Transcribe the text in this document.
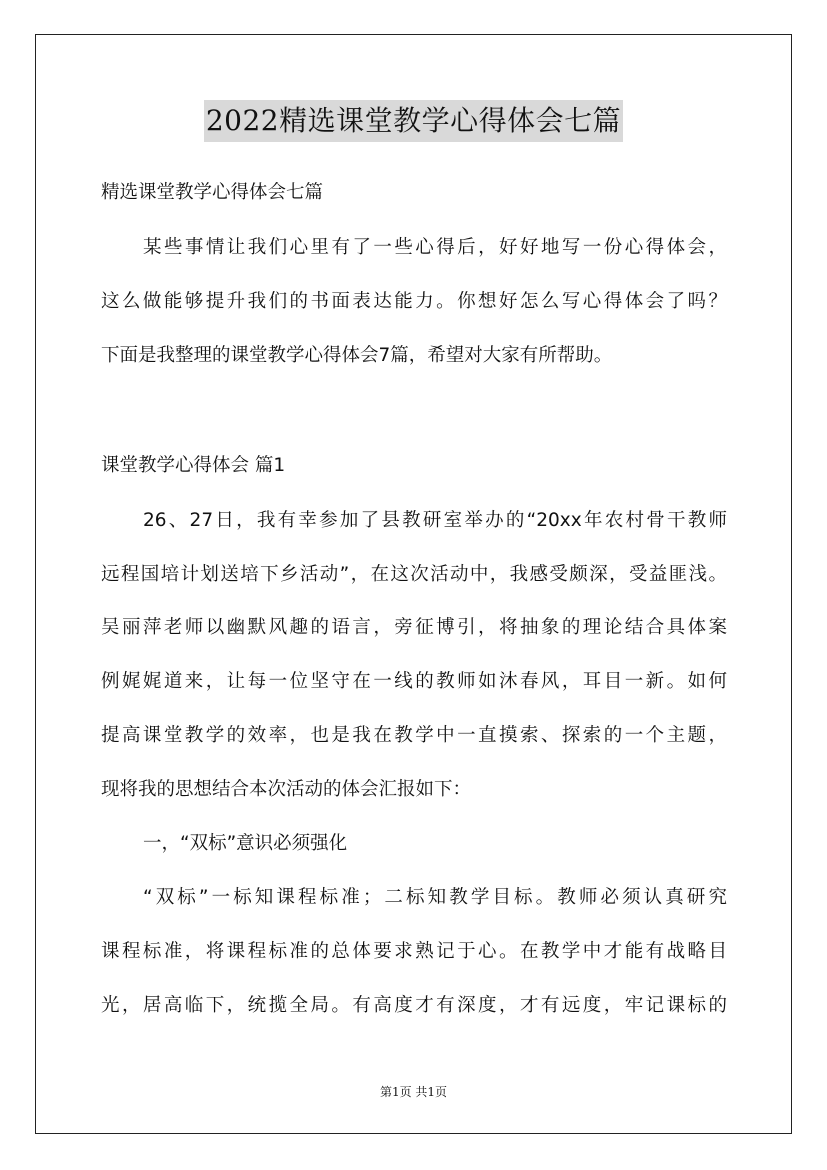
2022精选课堂教学心得体会七篇
精选课堂教学心得体会七篇
某些事情让我们心里有了一些心得后，好好地写一份心得体会，
这么做能够提升我们的书面表达能力。你想好怎么写心得体会了吗？
下面是我整理的课堂教学心得体会7篇，希望对大家有所帮助。
课堂教学心得体会 篇1
26、27日，我有幸参加了县教研室举办的“20xx年农村骨干教师
远程国培计划送培下乡活动”，在这次活动中，我感受颇深，受益匪浅。
吴丽萍老师以幽默风趣的语言，旁征博引，将抽象的理论结合具体案
例娓娓道来，让每一位坚守在一线的教师如沐春风，耳目一新。如何
提高课堂教学的效率，也是我在教学中一直摸索、探索的一个主题，
现将我的思想结合本次活动的体会汇报如下：
一，“双标”意识必须强化
“双标”一标知课程标准；二标知教学目标。教师必须认真研究
课程标准，将课程标准的总体要求熟记于心。在教学中才能有战略目
光，居高临下，统揽全局。有高度才有深度，才有远度，牢记课标的
第1页 共1页
